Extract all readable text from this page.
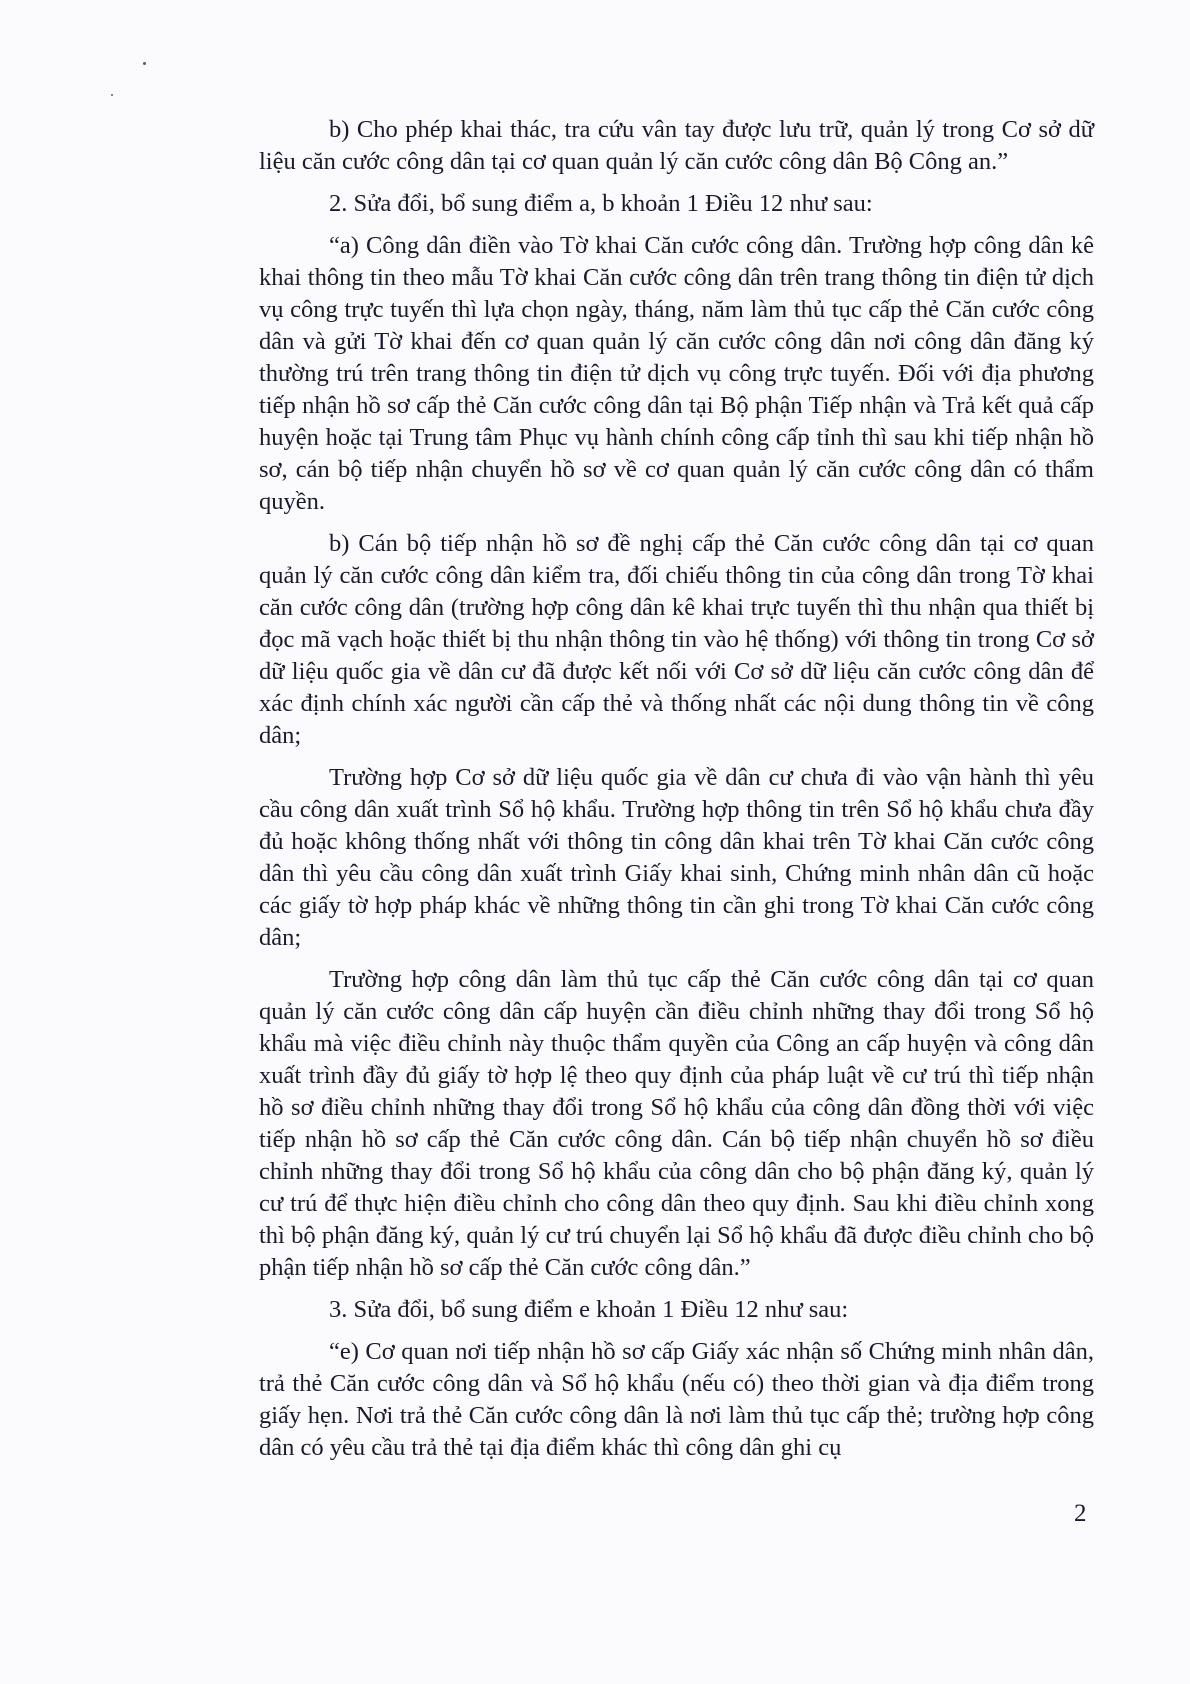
b) Cho phép khai thác, tra cứu vân tay được lưu trữ, quản lý trong Cơ sở dữ liệu căn cước công dân tại cơ quan quản lý căn cước công dân Bộ Công an.”

2. Sửa đổi, bổ sung điểm a, b khoản 1 Điều 12 như sau:

“a) Công dân điền vào Tờ khai Căn cước công dân. Trường hợp công dân kê khai thông tin theo mẫu Tờ khai Căn cước công dân trên trang thông tin điện tử dịch vụ công trực tuyến thì lựa chọn ngày, tháng, năm làm thủ tục cấp thẻ Căn cước công dân và gửi Tờ khai đến cơ quan quản lý căn cước công dân nơi công dân đăng ký thường trú trên trang thông tin điện tử dịch vụ công trực tuyến. Đối với địa phương tiếp nhận hồ sơ cấp thẻ Căn cước công dân tại Bộ phận Tiếp nhận và Trả kết quả cấp huyện hoặc tại Trung tâm Phục vụ hành chính công cấp tỉnh thì sau khi tiếp nhận hồ sơ, cán bộ tiếp nhận chuyển hồ sơ về cơ quan quản lý căn cước công dân có thẩm quyền.

b) Cán bộ tiếp nhận hồ sơ đề nghị cấp thẻ Căn cước công dân tại cơ quan quản lý căn cước công dân kiểm tra, đối chiếu thông tin của công dân trong Tờ khai căn cước công dân (trường hợp công dân kê khai trực tuyến thì thu nhận qua thiết bị đọc mã vạch hoặc thiết bị thu nhận thông tin vào hệ thống) với thông tin trong Cơ sở dữ liệu quốc gia về dân cư đã được kết nối với Cơ sở dữ liệu căn cước công dân để xác định chính xác người cần cấp thẻ và thống nhất các nội dung thông tin về công dân;

Trường hợp Cơ sở dữ liệu quốc gia về dân cư chưa đi vào vận hành thì yêu cầu công dân xuất trình Sổ hộ khẩu. Trường hợp thông tin trên Sổ hộ khẩu chưa đầy đủ hoặc không thống nhất với thông tin công dân khai trên Tờ khai Căn cước công dân thì yêu cầu công dân xuất trình Giấy khai sinh, Chứng minh nhân dân cũ hoặc các giấy tờ hợp pháp khác về những thông tin cần ghi trong Tờ khai Căn cước công dân;

Trường hợp công dân làm thủ tục cấp thẻ Căn cước công dân tại cơ quan quản lý căn cước công dân cấp huyện cần điều chỉnh những thay đổi trong Sổ hộ khẩu mà việc điều chỉnh này thuộc thẩm quyền của Công an cấp huyện và công dân xuất trình đầy đủ giấy tờ hợp lệ theo quy định của pháp luật về cư trú thì tiếp nhận hồ sơ điều chỉnh những thay đổi trong Sổ hộ khẩu của công dân đồng thời với việc tiếp nhận hồ sơ cấp thẻ Căn cước công dân. Cán bộ tiếp nhận chuyển hồ sơ điều chỉnh những thay đổi trong Sổ hộ khẩu của công dân cho bộ phận đăng ký, quản lý cư trú để thực hiện điều chỉnh cho công dân theo quy định. Sau khi điều chỉnh xong thì bộ phận đăng ký, quản lý cư trú chuyển lại Sổ hộ khẩu đã được điều chỉnh cho bộ phận tiếp nhận hồ sơ cấp thẻ Căn cước công dân.”

3. Sửa đổi, bổ sung điểm e khoản 1 Điều 12 như sau:

“e) Cơ quan nơi tiếp nhận hồ sơ cấp Giấy xác nhận số Chứng minh nhân dân, trả thẻ Căn cước công dân và Sổ hộ khẩu (nếu có) theo thời gian và địa điểm trong giấy hẹn. Nơi trả thẻ Căn cước công dân là nơi làm thủ tục cấp thẻ; trường hợp công dân có yêu cầu trả thẻ tại địa điểm khác thì công dân ghi cụ

2
